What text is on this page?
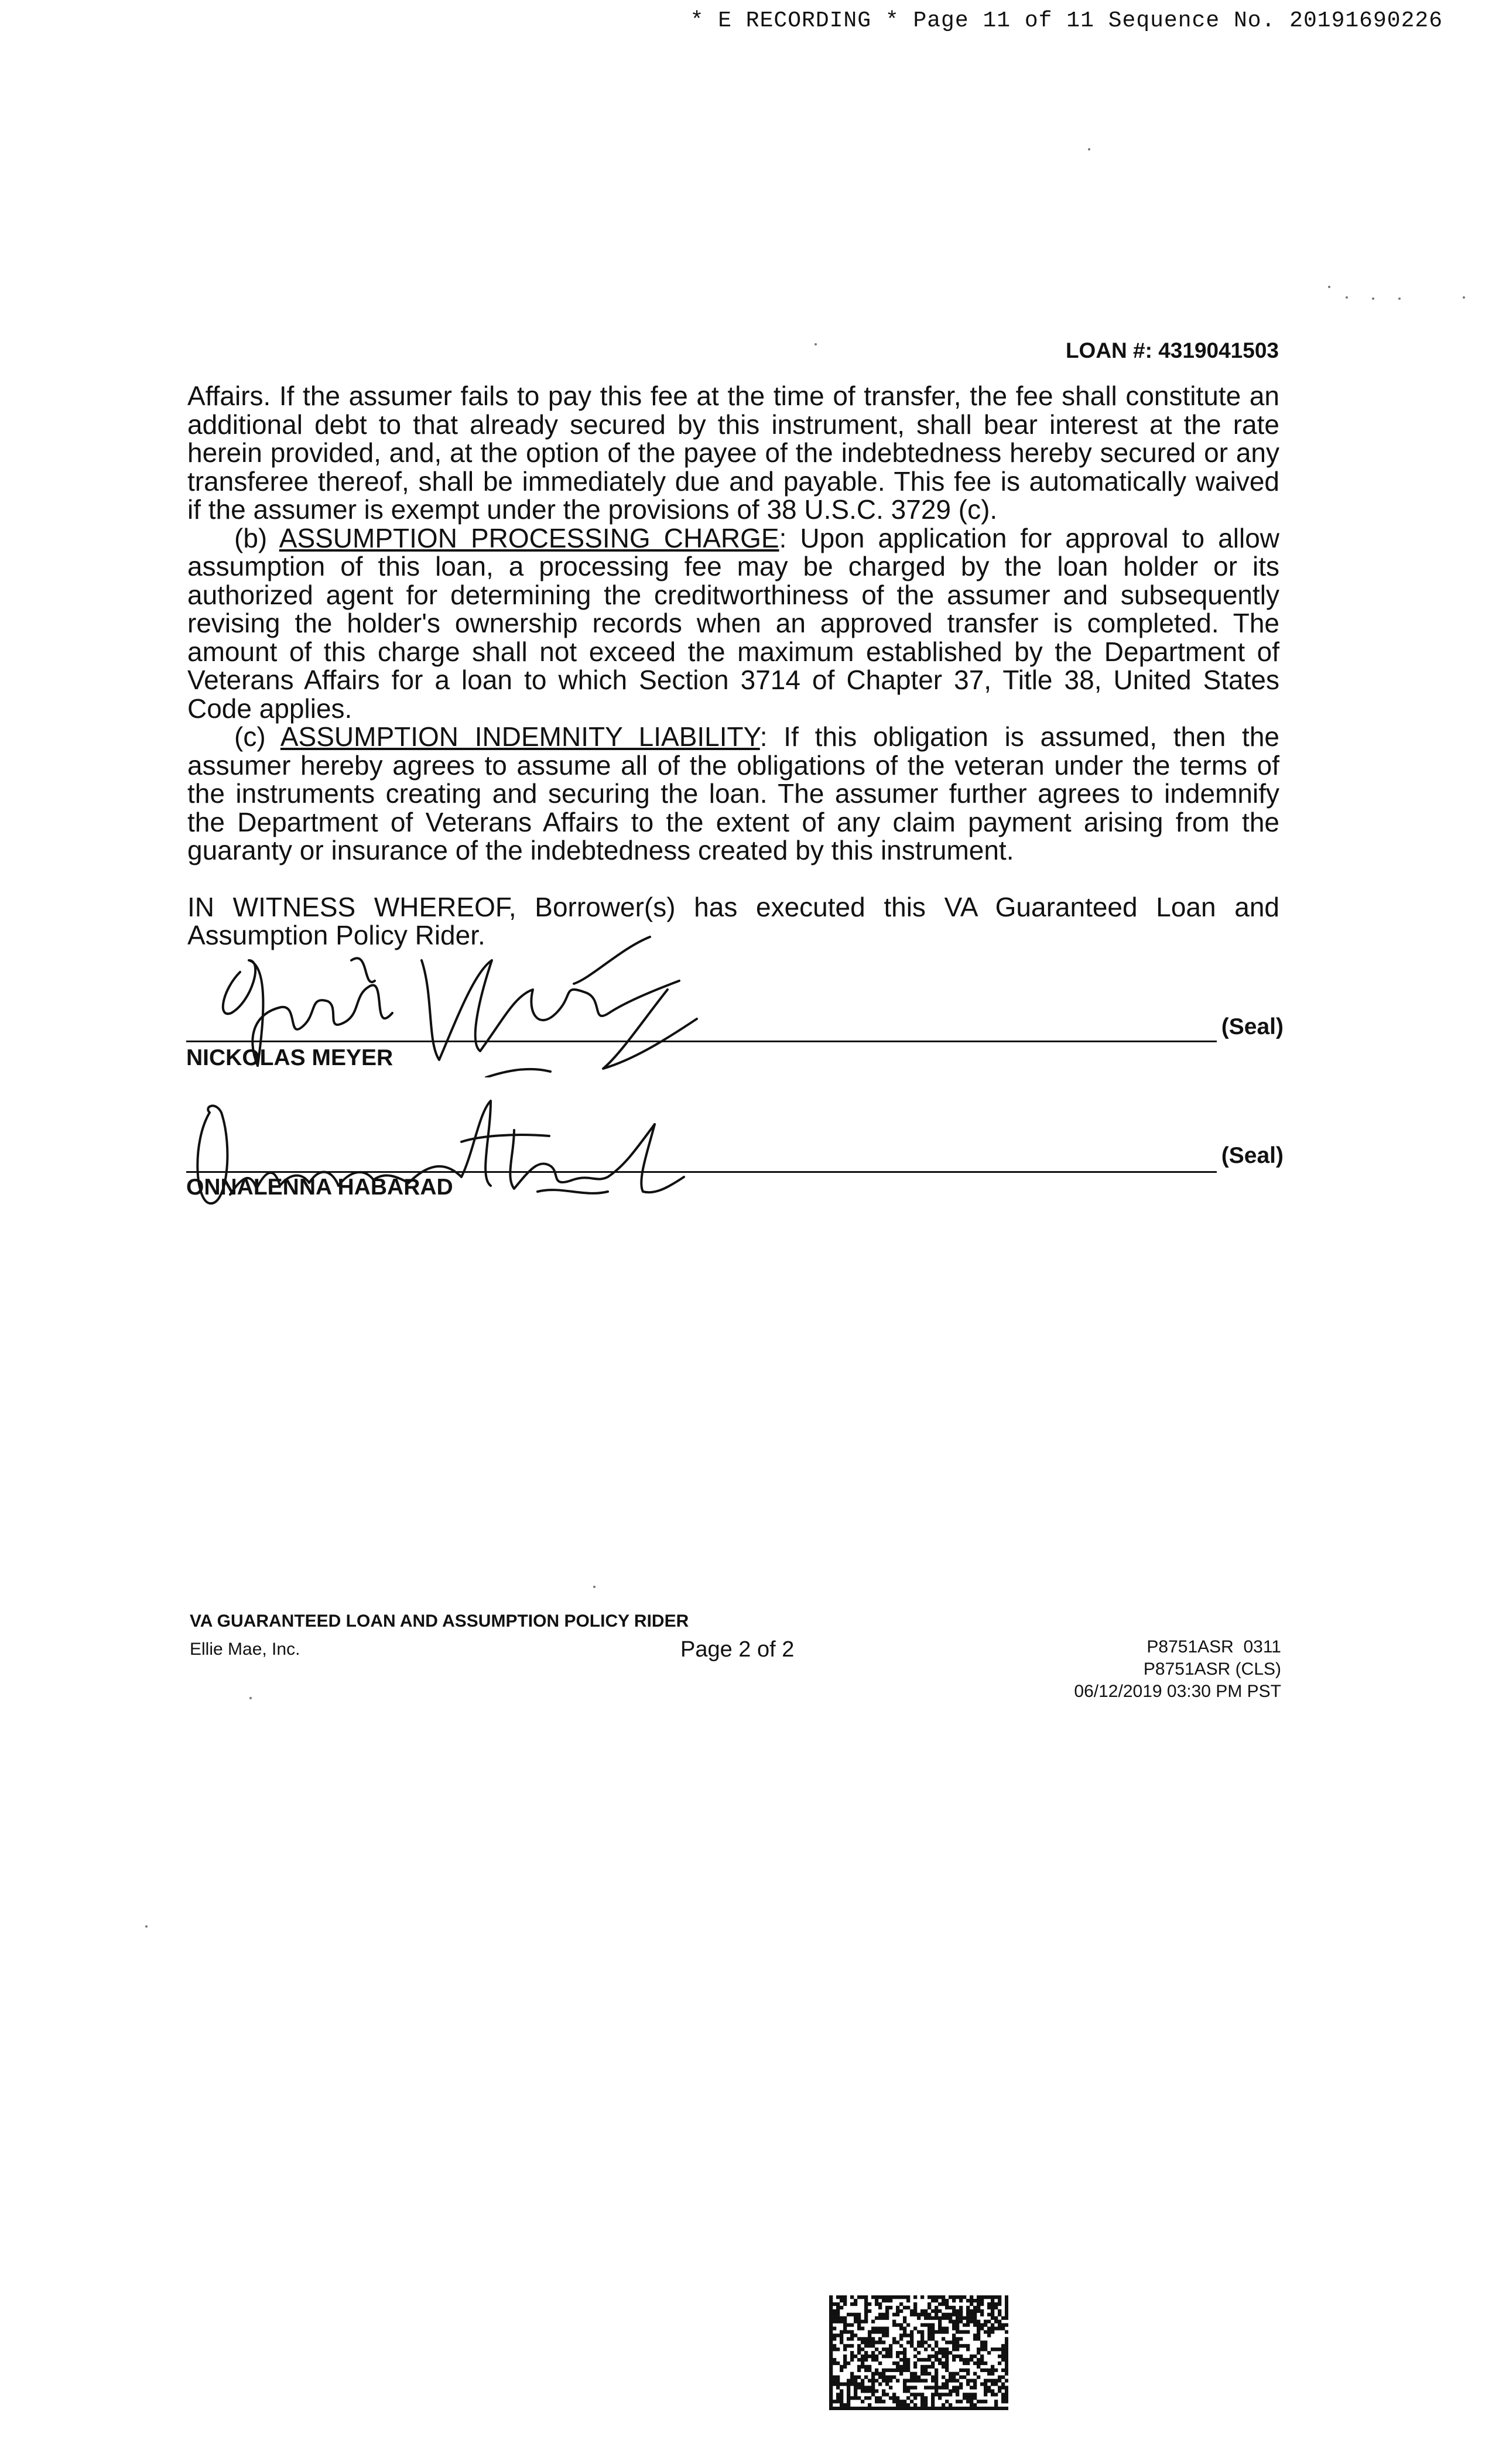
* E RECORDING * Page 11 of 11 Sequence No. 20191690226
LOAN #: 4319041503

Affairs. If the assumer fails to pay this fee at the time of transfer, the fee shall constitute an additional debt to that already secured by this instrument, shall bear interest at the rate herein provided, and, at the option of the payee of the indebtedness hereby secured or any transferee thereof, shall be immediately due and payable. This fee is automatically waived if the assumer is exempt under the provisions of 38 U.S.C. 3729 (c).

(b) ASSUMPTION PROCESSING CHARGE: Upon application for approval to allow assumption of this loan, a processing fee may be charged by the loan holder or its authorized agent for determining the creditworthiness of the assumer and subsequently revising the holder's ownership records when an approved transfer is completed. The amount of this charge shall not exceed the maximum established by the Department of Veterans Affairs for a loan to which Section 3714 of Chapter 37, Title 38, United States Code applies.

(c) ASSUMPTION INDEMNITY LIABILITY: If this obligation is assumed, then the assumer hereby agrees to assume all of the obligations of the veteran under the terms of the instruments creating and securing the loan. The assumer further agrees to indemnify the Department of Veterans Affairs to the extent of any claim payment arising from the guaranty or insurance of the indebtedness created by this instrument.

IN WITNESS WHEREOF, Borrower(s) has executed this VA Guaranteed Loan and Assumption Policy Rider.

(Seal)
NICKOLAS MEYER
(Seal)
ONNALENNA HABARAD
VA GUARANTEED LOAN AND ASSUMPTION POLICY RIDER
Ellie Mae, Inc.	Page 2 of 2	P8751ASR  0311
P8751ASR (CLS)
06/12/2019 03:30 PM PST
